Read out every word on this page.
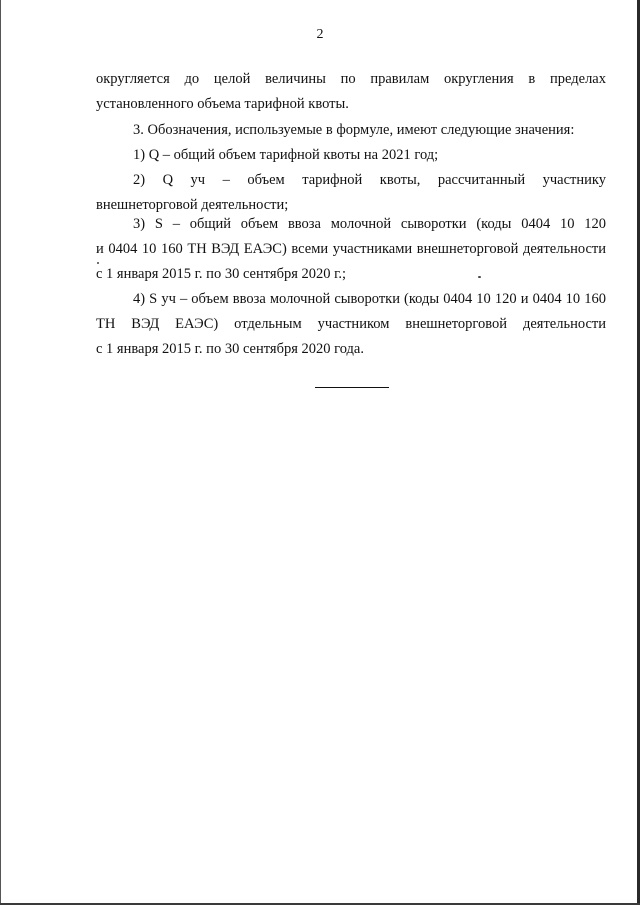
2
округляется до целой величины по правилам округления в пределах
установленного объема тарифной квоты.
3. Обозначения, используемые в формуле, имеют следующие значения:
1) Q – общий объем тарифной квоты на 2021 год;
2) Q уч – объем тарифной квоты, рассчитанный участнику
внешнеторговой деятельности;
3) S – общий объем ввоза молочной сыворотки (коды 0404 10 120
и 0404 10 160 ТН ВЭД ЕАЭС) всеми участниками внешнеторговой деятельности
с 1 января 2015 г. по 30 сентября 2020 г.;
4) S уч – объем ввоза молочной сыворотки (коды 0404 10 120 и 0404 10 160
ТН ВЭД ЕАЭС) отдельным участником внешнеторговой деятельности
с 1 января 2015 г. по 30 сентября 2020 года.
